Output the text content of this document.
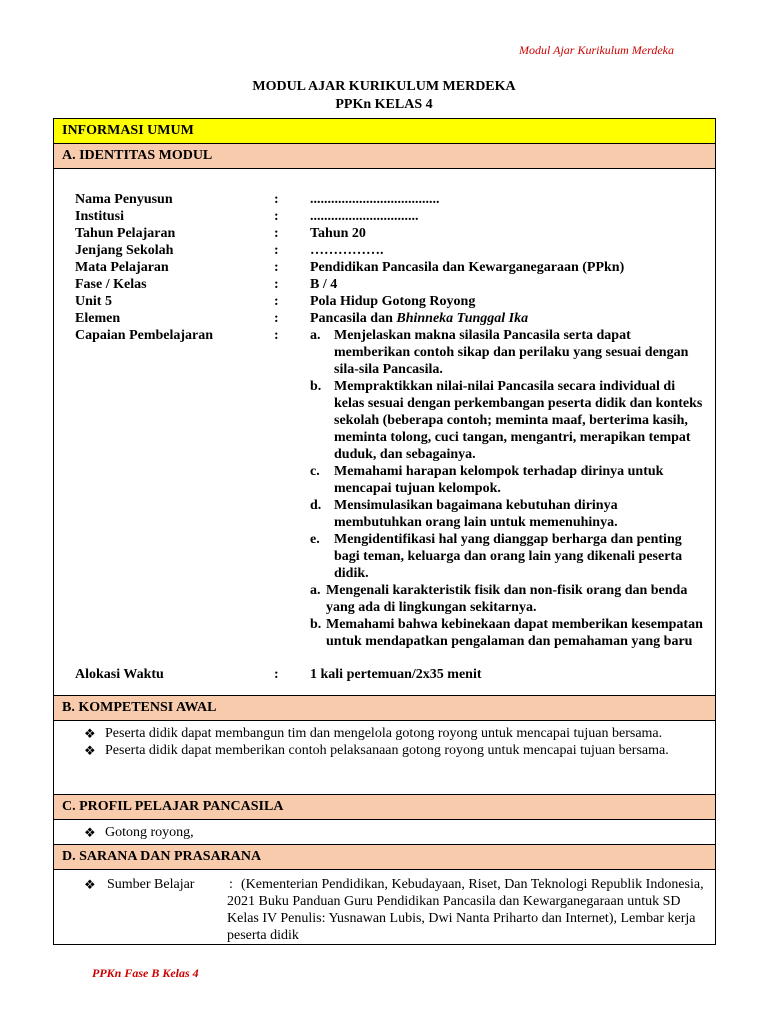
Modul Ajar Kurikulum Merdeka
MODUL AJAR KURIKULUM MERDEKA
PPKn KELAS 4
INFORMASI UMUM
A. IDENTITAS MODUL
Nama Penyusun	:	.....................................
Institusi	:	...............................
Tahun Pelajaran	:	Tahun 20
Jenjang Sekolah	:	…………….
Mata Pelajaran	:	Pendidikan Pancasila dan Kewarganegaraan (PPkn)
Fase / Kelas	:	B / 4
Unit 5	:	Pola Hidup Gotong Royong
Elemen	:	Pancasila dan Bhinneka Tunggal Ika
Capaian Pembelajaran	:	a. Menjelaskan makna silasila Pancasila serta dapat memberikan contoh sikap dan perilaku yang sesuai dengan sila-sila Pancasila.
b. Mempraktikkan nilai-nilai Pancasila secara individual di kelas sesuai dengan perkembangan peserta didik dan konteks sekolah (beberapa contoh; meminta maaf, berterima kasih, meminta tolong, cuci tangan, mengantri, merapikan tempat duduk, dan sebagainya.
c. Memahami harapan kelompok terhadap dirinya untuk mencapai tujuan kelompok.
d. Mensimulasikan bagaimana kebutuhan dirinya membutuhkan orang lain untuk memenuhinya.
e. Mengidentifikasi hal yang dianggap berharga dan penting bagi teman, keluarga dan orang lain yang dikenali peserta didik.
a. Mengenali karakteristik fisik dan non-fisik orang dan benda yang ada di lingkungan sekitarnya.
b. Memahami bahwa kebinekaan dapat memberikan kesempatan untuk mendapatkan pengalaman dan pemahaman yang baru
Alokasi Waktu	:	1 kali pertemuan/2x35 menit
B. KOMPETENSI AWAL
❖ Peserta didik dapat membangun tim dan mengelola gotong royong untuk mencapai tujuan bersama.
❖ Peserta didik dapat memberikan contoh pelaksanaan gotong royong untuk mencapai tujuan bersama.
C. PROFIL PELAJAR PANCASILA
❖ Gotong royong,
D. SARANA DAN PRASARANA
❖ Sumber Belajar : (Kementerian Pendidikan, Kebudayaan, Riset, Dan Teknologi Republik Indonesia, 2021 Buku Panduan Guru Pendidikan Pancasila dan Kewarganegaraan untuk SD Kelas IV Penulis: Yusnawan Lubis, Dwi Nanta Priharto dan Internet), Lembar kerja peserta didik
PPKn Fase B Kelas 4
